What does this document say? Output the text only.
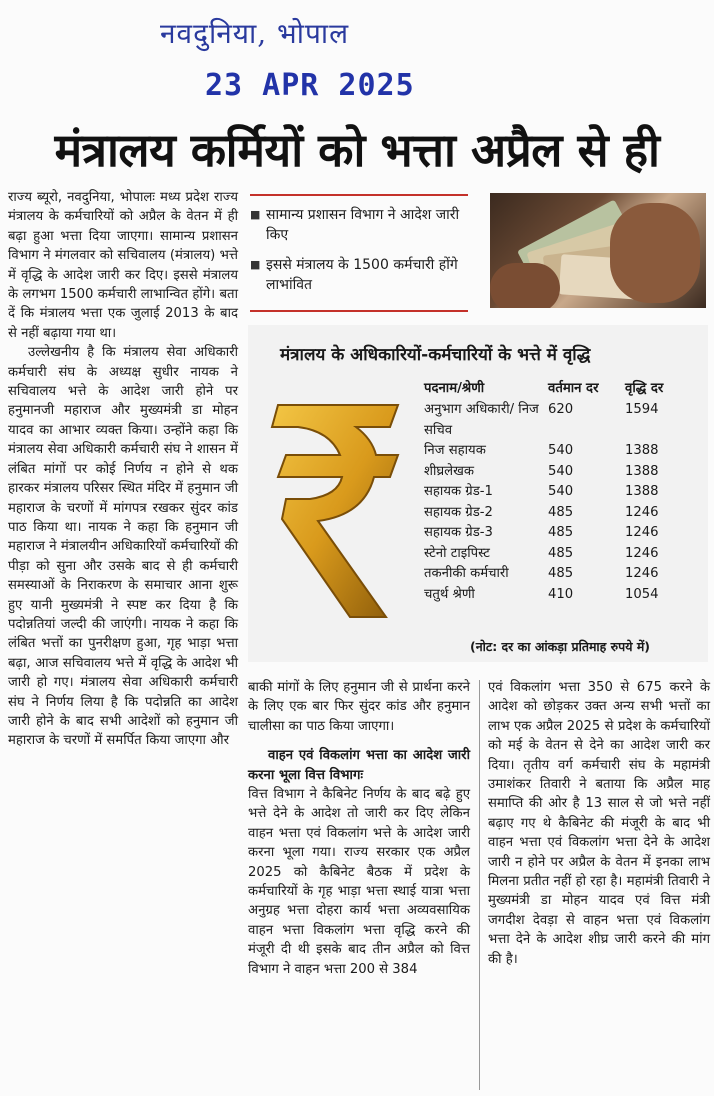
नवदुनिया, भोपाल
23 APR 2025
मंत्रालय कर्मियों को भत्ता अप्रैल से ही

राज्य ब्यूरो, नवदुनिया, भोपालः मध्य प्रदेश राज्य मंत्रालय के कर्मचारियों को अप्रैल के वेतन में ही बढ़ा हुआ भत्ता दिया जाएगा। सामान्य प्रशासन विभाग ने मंगलवार को सचिवालय (मंत्रालय) भत्ते में वृद्धि के आदेश जारी कर दिए। इससे मंत्रालय के लगभग 1500 कर्मचारी लाभान्वित होंगे। बता दें कि मंत्रालय भत्ता एक जुलाई 2013 के बाद से नहीं बढ़ाया गया था।

उल्लेखनीय है कि मंत्रालय सेवा अधिकारी कर्मचारी संघ के अध्यक्ष सुधीर नायक ने सचिवालय भत्ते के आदेश जारी होने पर हनुमानजी महाराज और मुख्यमंत्री डा मोहन यादव का आभार व्यक्त किया। उन्होंने कहा कि मंत्रालय सेवा अधिकारी कर्मचारी संघ ने शासन में लंबित मांगों पर कोई निर्णय न होने से थक हारकर मंत्रालय परिसर स्थित मंदिर में हनुमान जी महाराज के चरणों में मांगपत्र रखकर सुंदर कांड पाठ किया था। नायक ने कहा कि हनुमान जी महाराज ने मंत्रालयीन अधिकारियों कर्मचारियों की पीड़ा को सुना और उसके बाद से ही कर्मचारी समस्याओं के निराकरण के समाचार आना शुरू हुए यानी मुख्यमंत्री ने स्पष्ट कर दिया है कि पदोन्नतियां जल्दी की जाएंगी। नायक ने कहा कि लंबित भत्तों का पुनरीक्षण हुआ, गृह भाड़ा भत्ता बढ़ा, आज सचिवालय भत्ते में वृद्धि के आदेश भी जारी हो गए। मंत्रालय सेवा अधिकारी कर्मचारी संघ ने निर्णय लिया है कि पदोन्नति का आदेश जारी होने के बाद सभी आदेशों को हनुमान जी महाराज के चरणों में समर्पित किया जाएगा और

■ सामान्य प्रशासन विभाग ने आदेश जारी किए
■ इससे मंत्रालय के 1500 कर्मचारी होंगे लाभांवित
मंत्रालय के अधिकारियों-कर्मचारियों के भत्ते में वृद्धि
पदनाम/श्रेणी	वर्तमान दर	वृद्धि दर
अनुभाग अधिकारी/ निज सचिव	620	1594
निज सहायक	540	1388
शीघ्रलेखक	540	1388
सहायक ग्रेड-1	540	1388
सहायक ग्रेड-2	485	1246
सहायक ग्रेड-3	485	1246
स्टेनो टाइपिस्ट	485	1246
तकनीकी कर्मचारी	485	1246
चतुर्थ श्रेणी	410	1054
(नोट: दर का आंकड़ा प्रतिमाह रुपये में)

बाकी मांगों के लिए हनुमान जी से प्रार्थना करने के लिए एक बार फिर सुंदर कांड और हनुमान चालीसा का पाठ किया जाएगा।

वाहन एवं विकलांग भत्ता का आदेश जारी करना भूला वित्त विभागः

वित्त विभाग ने कैबिनेट निर्णय के बाद बढ़े हुए भत्ते देने के आदेश तो जारी कर दिए लेकिन वाहन भत्ता एवं विकलांग भत्ते के आदेश जारी करना भूला गया। राज्य सरकार एक अप्रैल 2025 को कैबिनेट बैठक में प्रदेश के कर्मचारियों के गृह भाड़ा भत्ता स्थाई यात्रा भत्ता अनुग्रह भत्ता दोहरा कार्य भत्ता अव्यवसायिक वाहन भत्ता विकलांग भत्ता वृद्धि करने की मंजूरी दी थी इसके बाद तीन अप्रैल को वित्त विभाग ने वाहन भत्ता 200 से 384

एवं विकलांग भत्ता 350 से 675 करने के आदेश को छोड़कर उक्त अन्य सभी भत्तों का लाभ एक अप्रैल 2025 से प्रदेश के कर्मचारियों को मई के वेतन से देने का आदेश जारी कर दिया। तृतीय वर्ग कर्मचारी संघ के महामंत्री उमाशंकर तिवारी ने बताया कि अप्रैल माह समाप्ति की ओर है 13 साल से जो भत्ते नहीं बढ़ाए गए थे कैबिनेट की मंजूरी के बाद भी वाहन भत्ता एवं विकलांग भत्ता देने के आदेश जारी न होने पर अप्रैल के वेतन में इनका लाभ मिलना प्रतीत नहीं हो रहा है। महामंत्री तिवारी ने मुख्यमंत्री डा मोहन यादव एवं वित्त मंत्री जगदीश देवड़ा से वाहन भत्ता एवं विकलांग भत्ता देने के आदेश शीघ्र जारी करने की मांग की है।
